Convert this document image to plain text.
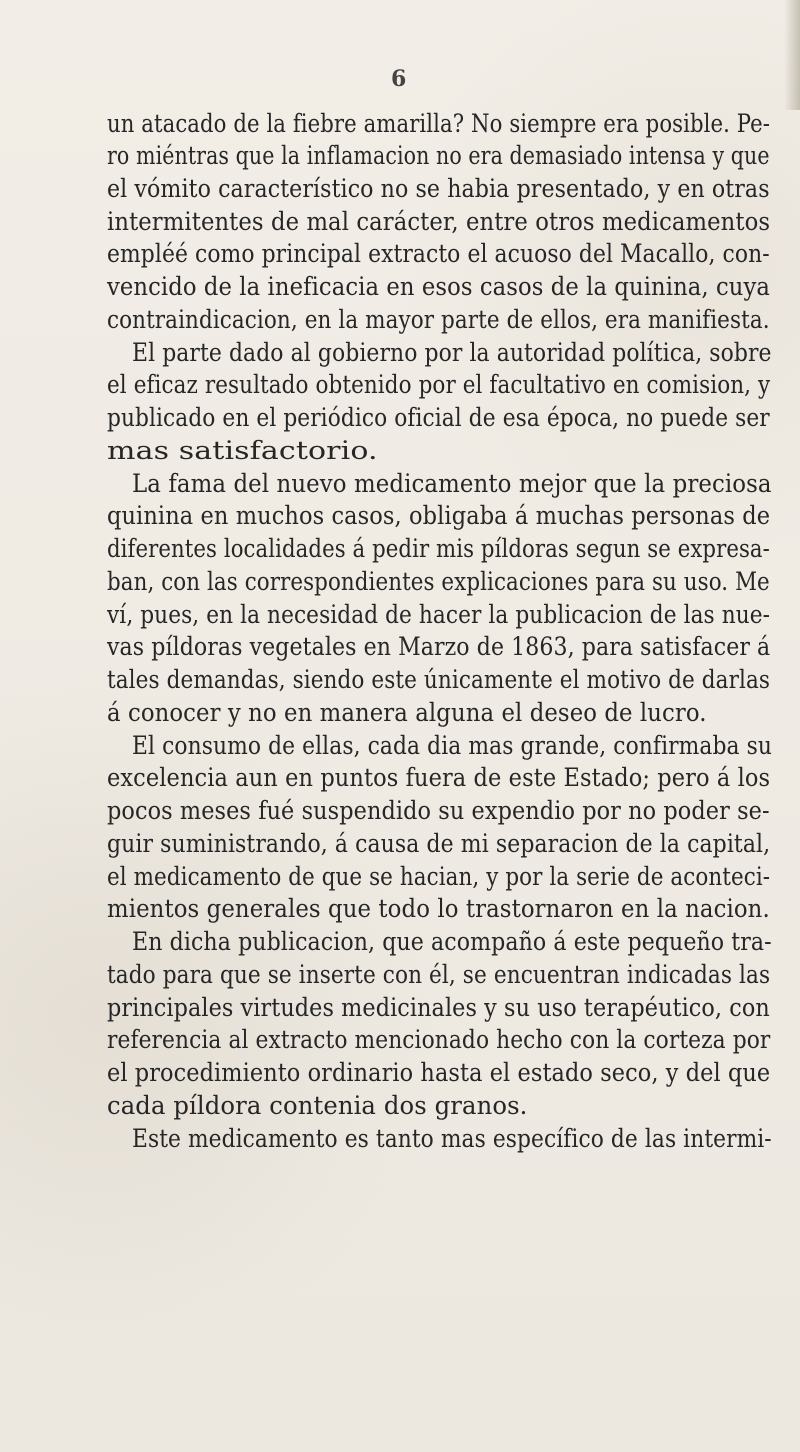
6
un atacado de la fiebre amarilla? No siempre era posible. Pe-
ro miéntras que la inflamacion no era demasiado intensa y que
el vómito característico no se habia presentado, y en otras
intermitentes de mal carácter, entre otros medicamentos
empléé como principal extracto el acuoso del Macallo, con-
vencido de la ineficacia en esos casos de la quinina, cuya
contraindicacion, en la mayor parte de ellos, era manifiesta.
El parte dado al gobierno por la autoridad política, sobre
el eficaz resultado obtenido por el facultativo en comision, y
publicado en el periódico oficial de esa época, no puede ser
mas satisfactorio.
La fama del nuevo medicamento mejor que la preciosa
quinina en muchos casos, obligaba á muchas personas de
diferentes localidades á pedir mis píldoras segun se expresa-
ban, con las correspondientes explicaciones para su uso. Me
ví, pues, en la necesidad de hacer la publicacion de las nue-
vas píldoras vegetales en Marzo de 1863, para satisfacer á
tales demandas, siendo este únicamente el motivo de darlas
á conocer y no en manera alguna el deseo de lucro.
El consumo de ellas, cada dia mas grande, confirmaba su
excelencia aun en puntos fuera de este Estado; pero á los
pocos meses fué suspendido su expendio por no poder se-
guir suministrando, á causa de mi separacion de la capital,
el medicamento de que se hacian, y por la serie de aconteci-
mientos generales que todo lo trastornaron en la nacion.
En dicha publicacion, que acompaño á este pequeño tra-
tado para que se inserte con él, se encuentran indicadas las
principales virtudes medicinales y su uso terapéutico, con
referencia al extracto mencionado hecho con la corteza por
el procedimiento ordinario hasta el estado seco, y del que
cada píldora contenia dos granos.
Este medicamento es tanto mas específico de las intermi-
